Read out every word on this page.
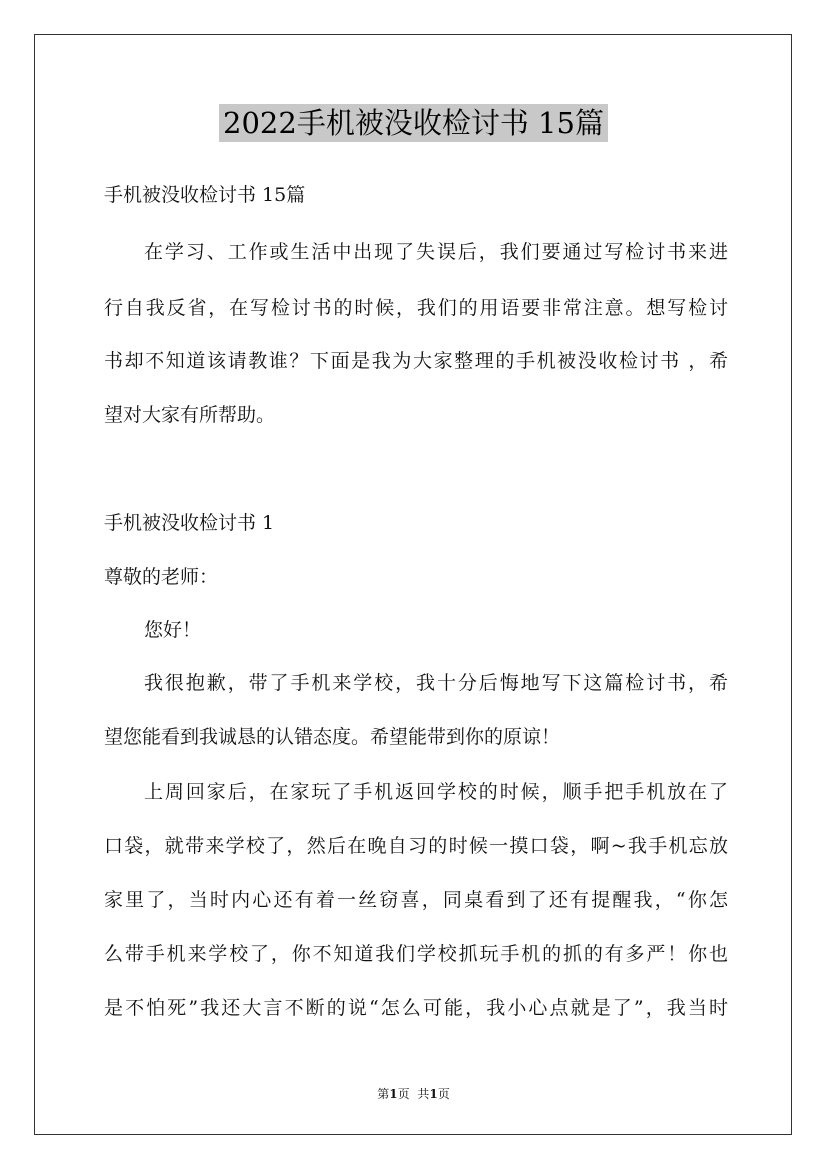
2022手机被没收检讨书 15篇
手机被没收检讨书 15篇
在学习、工作或生活中出现了失误后，我们要通过写检讨书来进
行自我反省，在写检讨书的时候，我们的用语要非常注意。想写检讨
书却不知道该请教谁？下面是我为大家整理的手机被没收检讨书 ，希
望对大家有所帮助。
手机被没收检讨书 1
尊敬的老师：
您好！
我很抱歉，带了手机来学校，我十分后悔地写下这篇检讨书，希
望您能看到我诚恳的认错态度。希望能带到你的原谅！
上周回家后，在家玩了手机返回学校的时候，顺手把手机放在了
口袋，就带来学校了，然后在晚自习的时候一摸口袋，啊~我手机忘放
家里了，当时内心还有着一丝窃喜，同桌看到了还有提醒我，“你怎
么带手机来学校了，你不知道我们学校抓玩手机的抓的有多严！你也
是不怕死”我还大言不断的说“怎么可能，我小心点就是了”，我当时
第1页 共1页
